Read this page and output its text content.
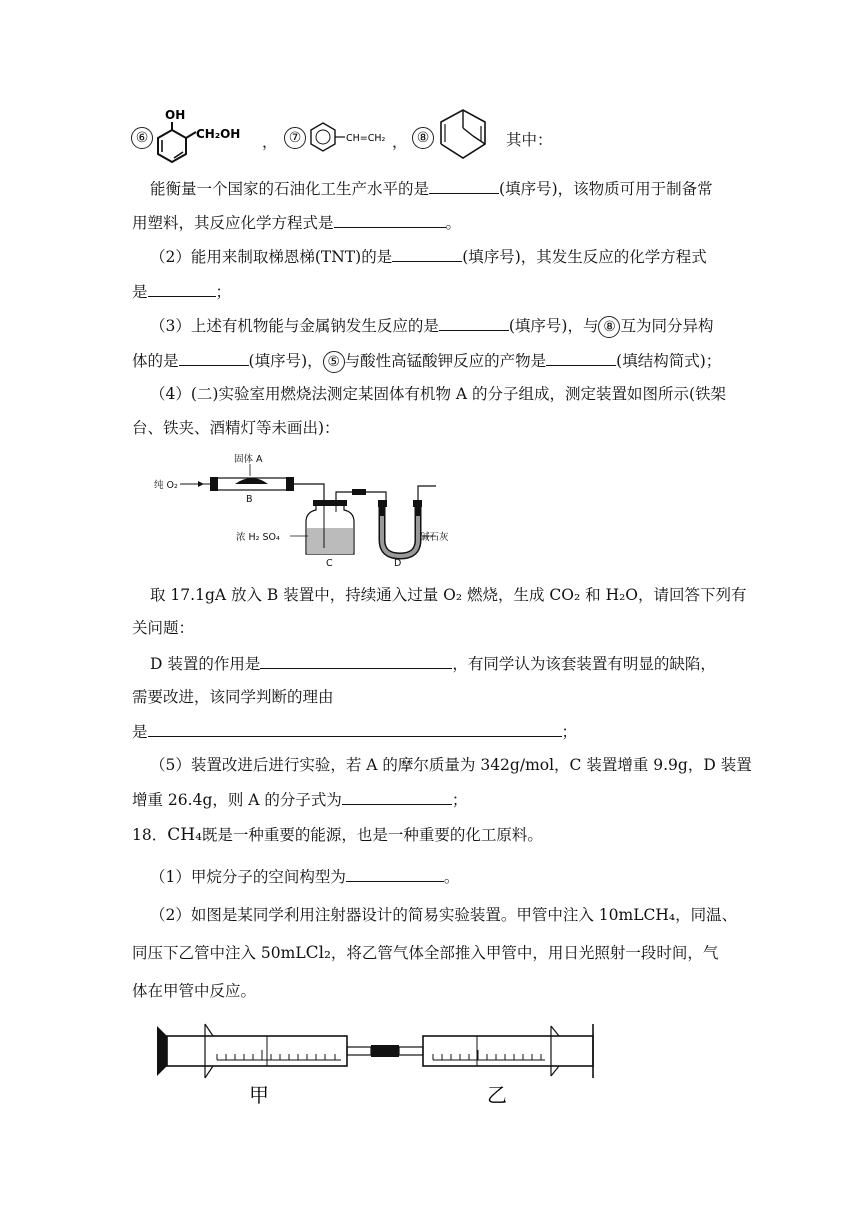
⑥	， ⑦	， ⑧	其中：
OH
CH₂OH	CH=CH₂
能衡量一个国家的石油化工生产水平的是	(填序号)，该物质可用于制备常
用塑料，其反应化学方程式是	。
（2）能用来制取梯恩梯(TNT)的是	(填序号)，其发生反应的化学方程式
是	；
（3）上述有机物能与金属钠发生反应的是	(填序号)，与 ⑧ 互为同分异构
体的是	(填序号)， ⑤ 与酸性高锰酸钾反应的产物是	(填结构简式)；
（4）(二)实验室用燃烧法测定某固体有机物 A 的分子组成，测定装置如图所示(铁架
台、铁夹、酒精灯等未画出)：
固体 A
纯 O₂
B
浓 H₂ SO₄
C	D
碱石灰
取 17.1gA 放入 B 装置中，持续通入过量 O₂ 燃烧，生成 CO₂ 和 H₂O，请回答下列有
关问题：
D 装置的作用是	，有同学认为该套装置有明显的缺陷，
需要改进，该同学判断的理由
是	；
（5）装置改进后进行实验，若 A 的摩尔质量为 342g/mol，C 装置增重 9.9g，D 装置
增重 26.4g，则 A 的分子式为	；
18．CH₄既是一种重要的能源，也是一种重要的化工原料。
（1）甲烷分子的空间构型为	。
（2）如图是某同学利用注射器设计的简易实验装置。甲管中注入 10mLCH₄，同温、
同压下乙管中注入 50mLCl₂，将乙管气体全部推入甲管中，用日光照射一段时间，气
体在甲管中反应。
甲	乙
